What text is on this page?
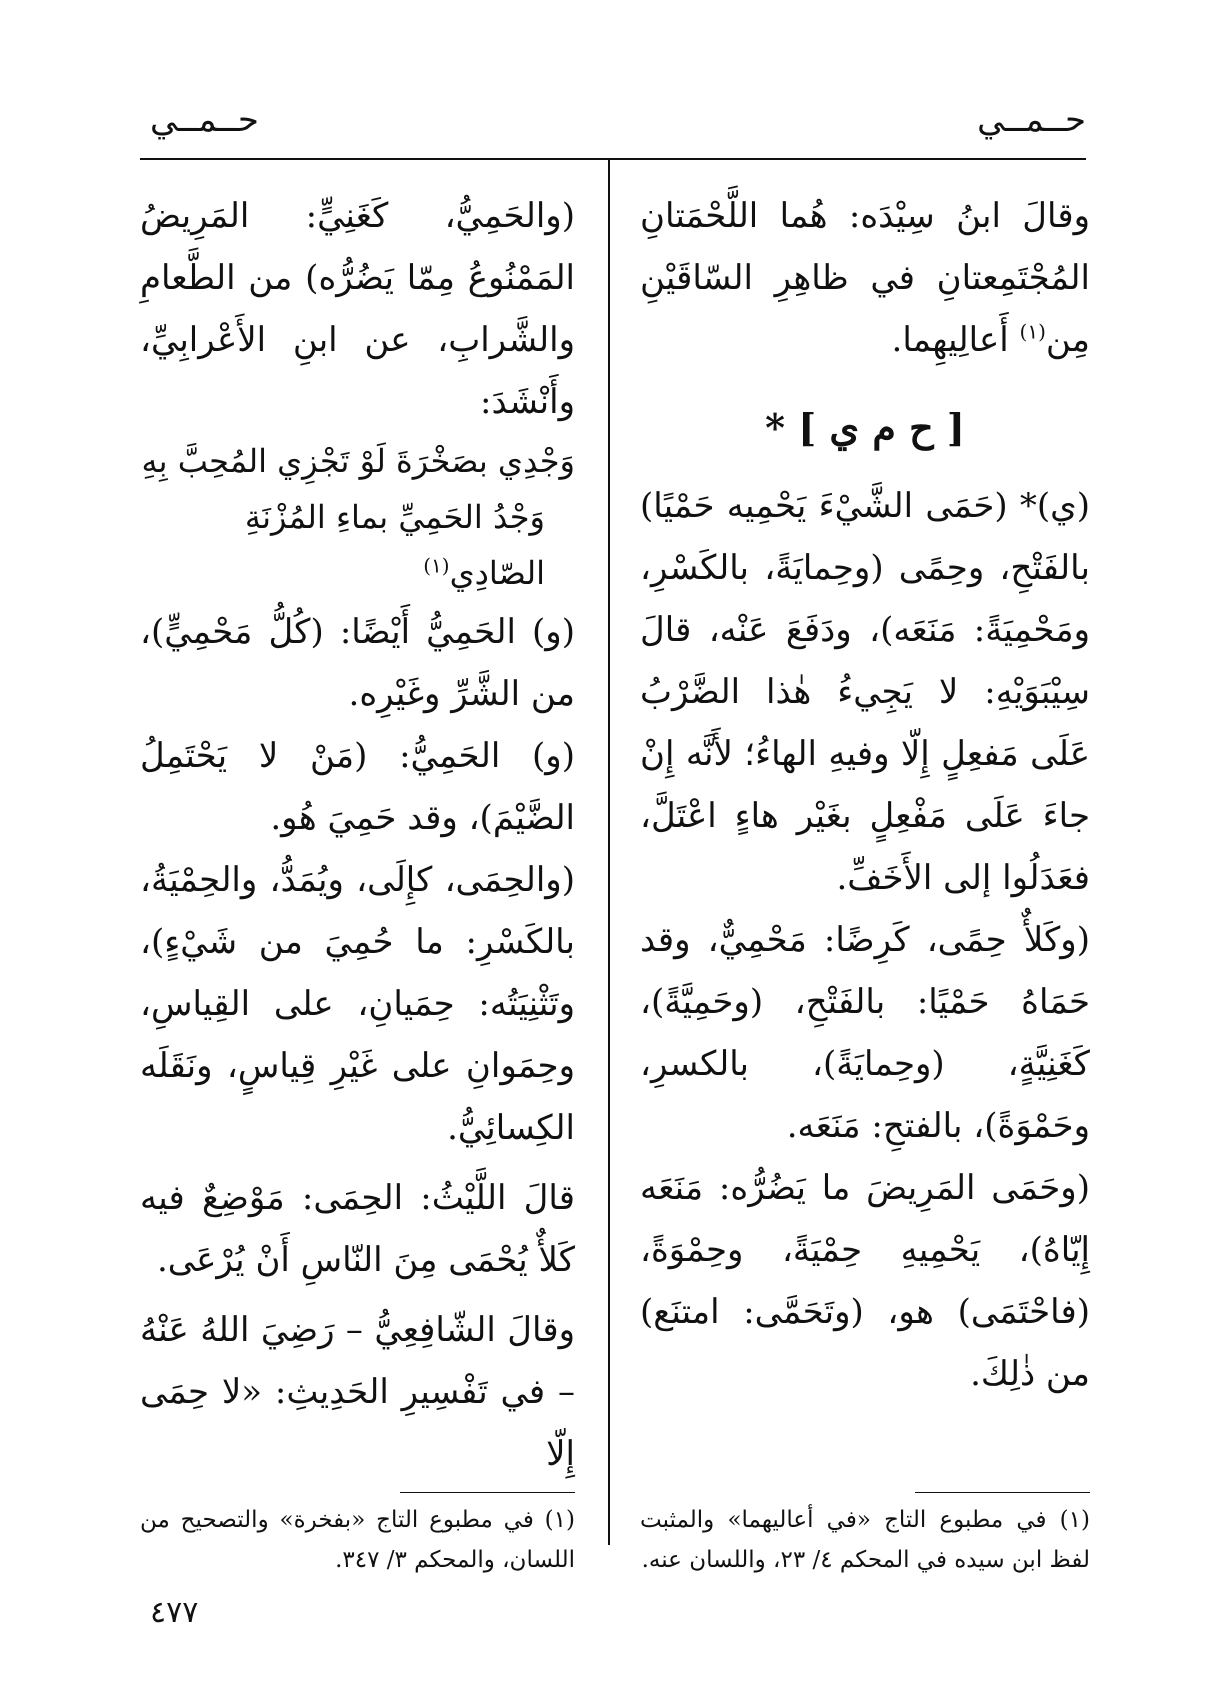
حــمــي
حــمــي

وقالَ ابنُ سِيْدَه: هُما اللَّحْمَتانِ المُجْتَمِعتانِ في ظاهِرِ السّاقَيْنِ مِن$^{(١)}$ أَعالِيهِما.

[ ح م ي ] *

(ي)* (حَمَى الشَّيْءَ يَحْمِيه حَمْيًا) بالفَتْحِ، وحِمًى (وحِمايَةً، بالكَسْرِ، ومَحْمِيَةً: مَنَعَه)، ودَفَعَ عَنْه، قالَ سِيْبَوَيْهِ: لا يَجِيءُ هٰذا الضَّرْبُ عَلَى مَفعِلٍ إِلّا وفيهِ الهاءُ؛ لأَنَّه إِنْ جاءَ عَلَى مَفْعِلٍ بغَيْر هاءٍ اعْتَلَّ، فعَدَلُوا إلى الأَخَفِّ.

(وكَلأٌ حِمًى، كَرِضًا: مَحْمِيٌّ، وقد حَمَاهُ حَمْيًا: بالفَتْحِ، (وحَمِيَّةً)، كَغَنِيَّةٍ، (وحِمايَةً)، بالكسرِ، وحَمْوَةً)، بالفتحِ: مَنَعَه.

(وحَمَى المَرِيضَ ما يَضُرُّه: مَنَعَه إِيّاهُ)، يَحْمِيهِ حِمْيَةً، وحِمْوَةً، (فاحْتَمَى) هو، (وتَحَمَّى: امتنَع) من ذٰلِكَ.

(والحَمِيُّ، كَغَنِيٍّ: المَرِيضُ المَمْنُوعُ مِمّا يَضُرُّه) من الطَّعامِ والشَّرابِ، عن ابنِ الأَعْرابِيِّ، وأَنْشَدَ:

وَجْدِي بصَخْرَةَ لَوْ تَجْزِي المُحِبَّ بِهِ

وَجْدُ الحَمِيِّ بماءِ المُزْنَةِ الصّادِي$^{(١)}$

(و) الحَمِيُّ أَيْضًا: (كُلُّ مَحْمِيٍّ)، من الشَّرِّ وغَيْرِه.

(و) الحَمِيُّ: (مَنْ لا يَحْتَمِلُ الضَّيْمَ)، وقد حَمِيَ هُو.

(والحِمَى، كإِلَى، ويُمَدُّ، والحِمْيَةُ، بالكَسْرِ: ما حُمِيَ من شَيْءٍ)، وتَثْنِيَتُه: حِمَيانِ، على القِياسِ، وحِمَوانِ على غَيْرِ قِياسٍ، ونَقَلَه الكِسائِيُّ.

قالَ اللَّيْثُ: الحِمَى: مَوْضِعٌ فيه كَلأٌ يُحْمَى مِنَ النّاسِ أَنْ يُرْعَى.

وقالَ الشّافِعِيُّ – رَضِيَ اللهُ عَنْهُ – في تَفْسِيرِ الحَدِيثِ: «لا حِمَى إِلّا

(١) في مطبوع التاج «في أعاليهما» والمثبت لفظ ابن سيده في المحكم ٤/ ٢٣، واللسان عنه.
(١) في مطبوع التاج «بفخرة» والتصحيح من اللسان، والمحكم ٣/ ٣٤٧.
٤٧٧
